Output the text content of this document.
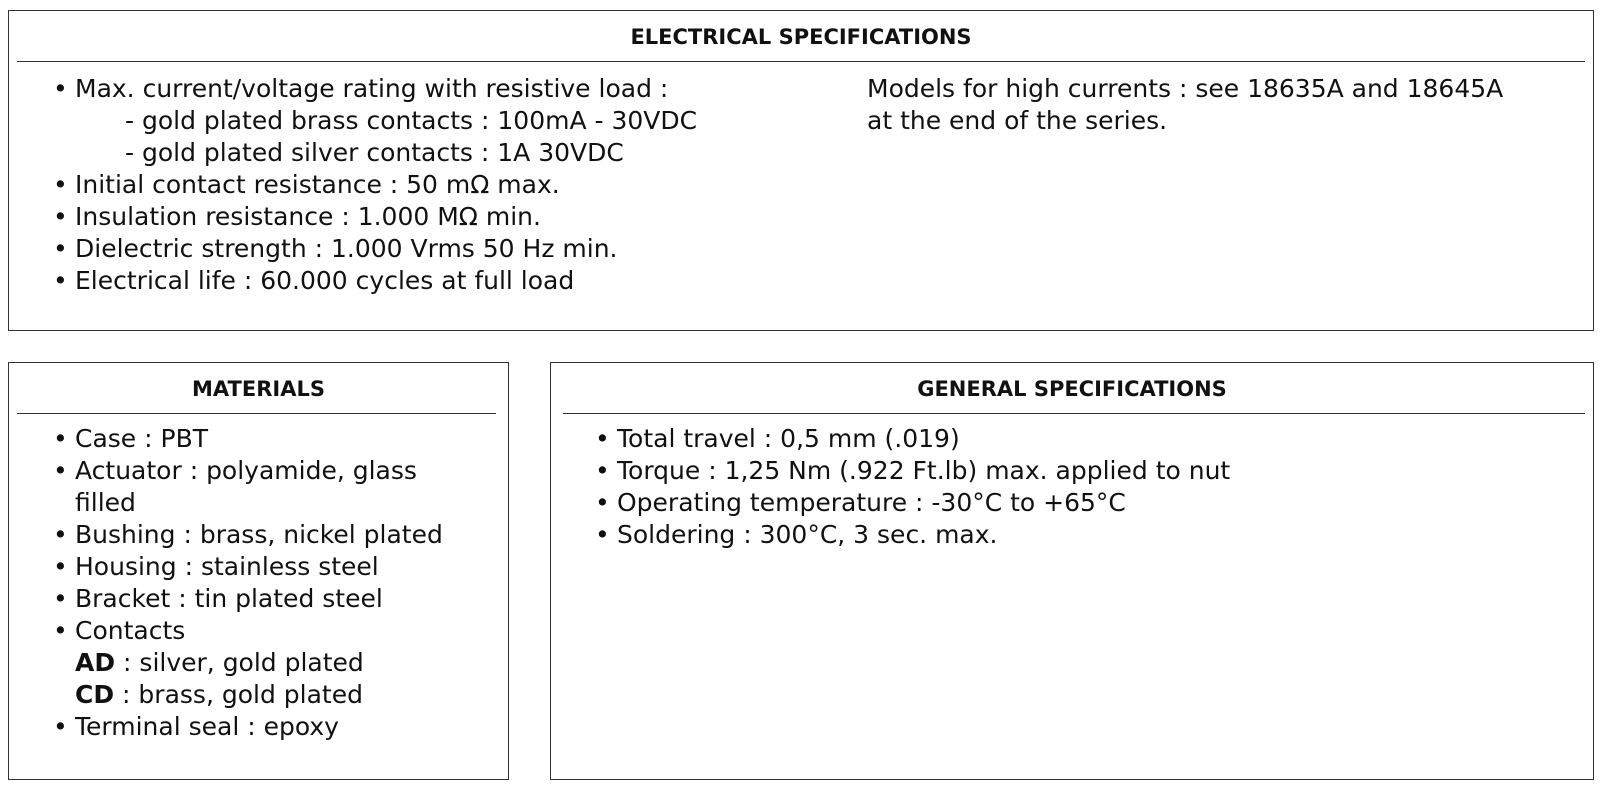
ELECTRICAL SPECIFICATIONS
• Max. current/voltage rating with resistive load :
- gold plated brass contacts : 100mA - 30VDC
- gold plated silver contacts : 1A 30VDC
• Initial contact resistance : 50 mΩ max.
• Insulation resistance : 1.000 MΩ min.
• Dielectric strength : 1.000 Vrms 50 Hz min.
• Electrical life : 60.000 cycles at full load
Models for high currents : see 18635A and 18645A
at the end of the series.
MATERIALS
• Case : PBT
• Actuator : polyamide, glass
filled
• Bushing : brass, nickel plated
• Housing : stainless steel
• Bracket : tin plated steel
• Contacts
AD : silver, gold plated
CD : brass, gold plated
• Terminal seal : epoxy
GENERAL SPECIFICATIONS
• Total travel : 0,5 mm (.019)
• Torque : 1,25 Nm (.922 Ft.lb) max. applied to nut
• Operating temperature : -30°C to +65°C
• Soldering : 300°C, 3 sec. max.
